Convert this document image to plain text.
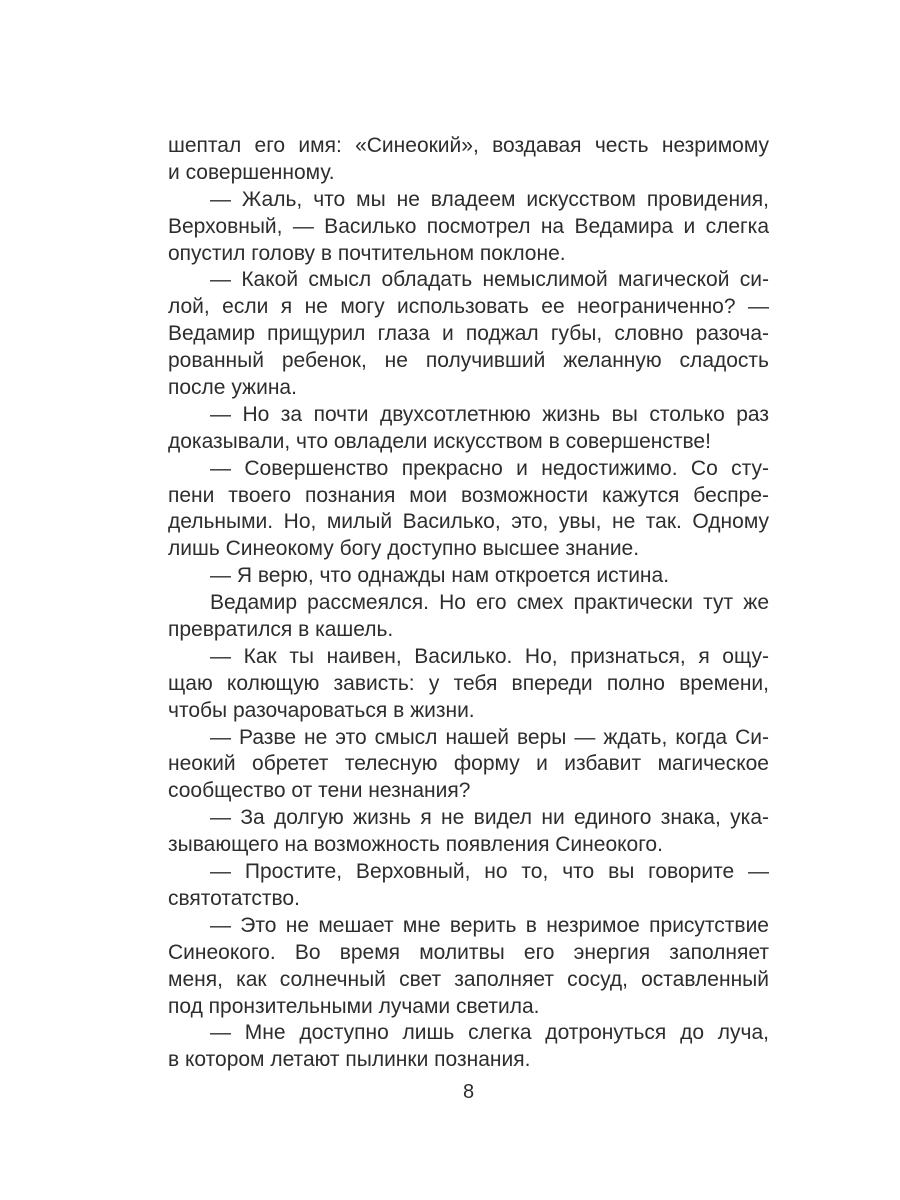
шептал его имя: «Синеокий», воздавая честь незримому
и совершенному.
— Жаль, что мы не владеем искусством провидения,
Верховный, — Василько посмотрел на Ведамира и слегка
опустил голову в почтительном поклоне.
— Какой смысл обладать немыслимой магической си-
лой, если я не могу использовать ее неограниченно? —
Ведамир прищурил глаза и поджал губы, словно разоча-
рованный ребенок, не получивший желанную сладость
после ужина.
— Но за почти двухсотлетнюю жизнь вы столько раз
доказывали, что овладели искусством в совершенстве!
— Совершенство прекрасно и недостижимо. Со сту-
пени твоего познания мои возможности кажутся беспре-
дельными. Но, милый Василько, это, увы, не так. Одному
лишь Синеокому богу доступно высшее знание.
— Я верю, что однажды нам откроется истина.
Ведамир рассмеялся. Но его смех практически тут же
превратился в кашель.
— Как ты наивен, Василько. Но, признаться, я ощу-
щаю колющую зависть: у тебя впереди полно времени,
чтобы разочароваться в жизни.
— Разве не это смысл нашей веры — ждать, когда Си-
неокий обретет телесную форму и избавит магическое
сообщество от тени незнания?
— За долгую жизнь я не видел ни единого знака, ука-
зывающего на возможность появления Синеокого.
— Простите, Верховный, но то, что вы говорите —
святотатство.
— Это не мешает мне верить в незримое присутствие
Синеокого. Во время молитвы его энергия заполняет
меня, как солнечный свет заполняет сосуд, оставленный
под пронзительными лучами светила.
— Мне доступно лишь слегка дотронуться до луча,
в котором летают пылинки познания.
8
